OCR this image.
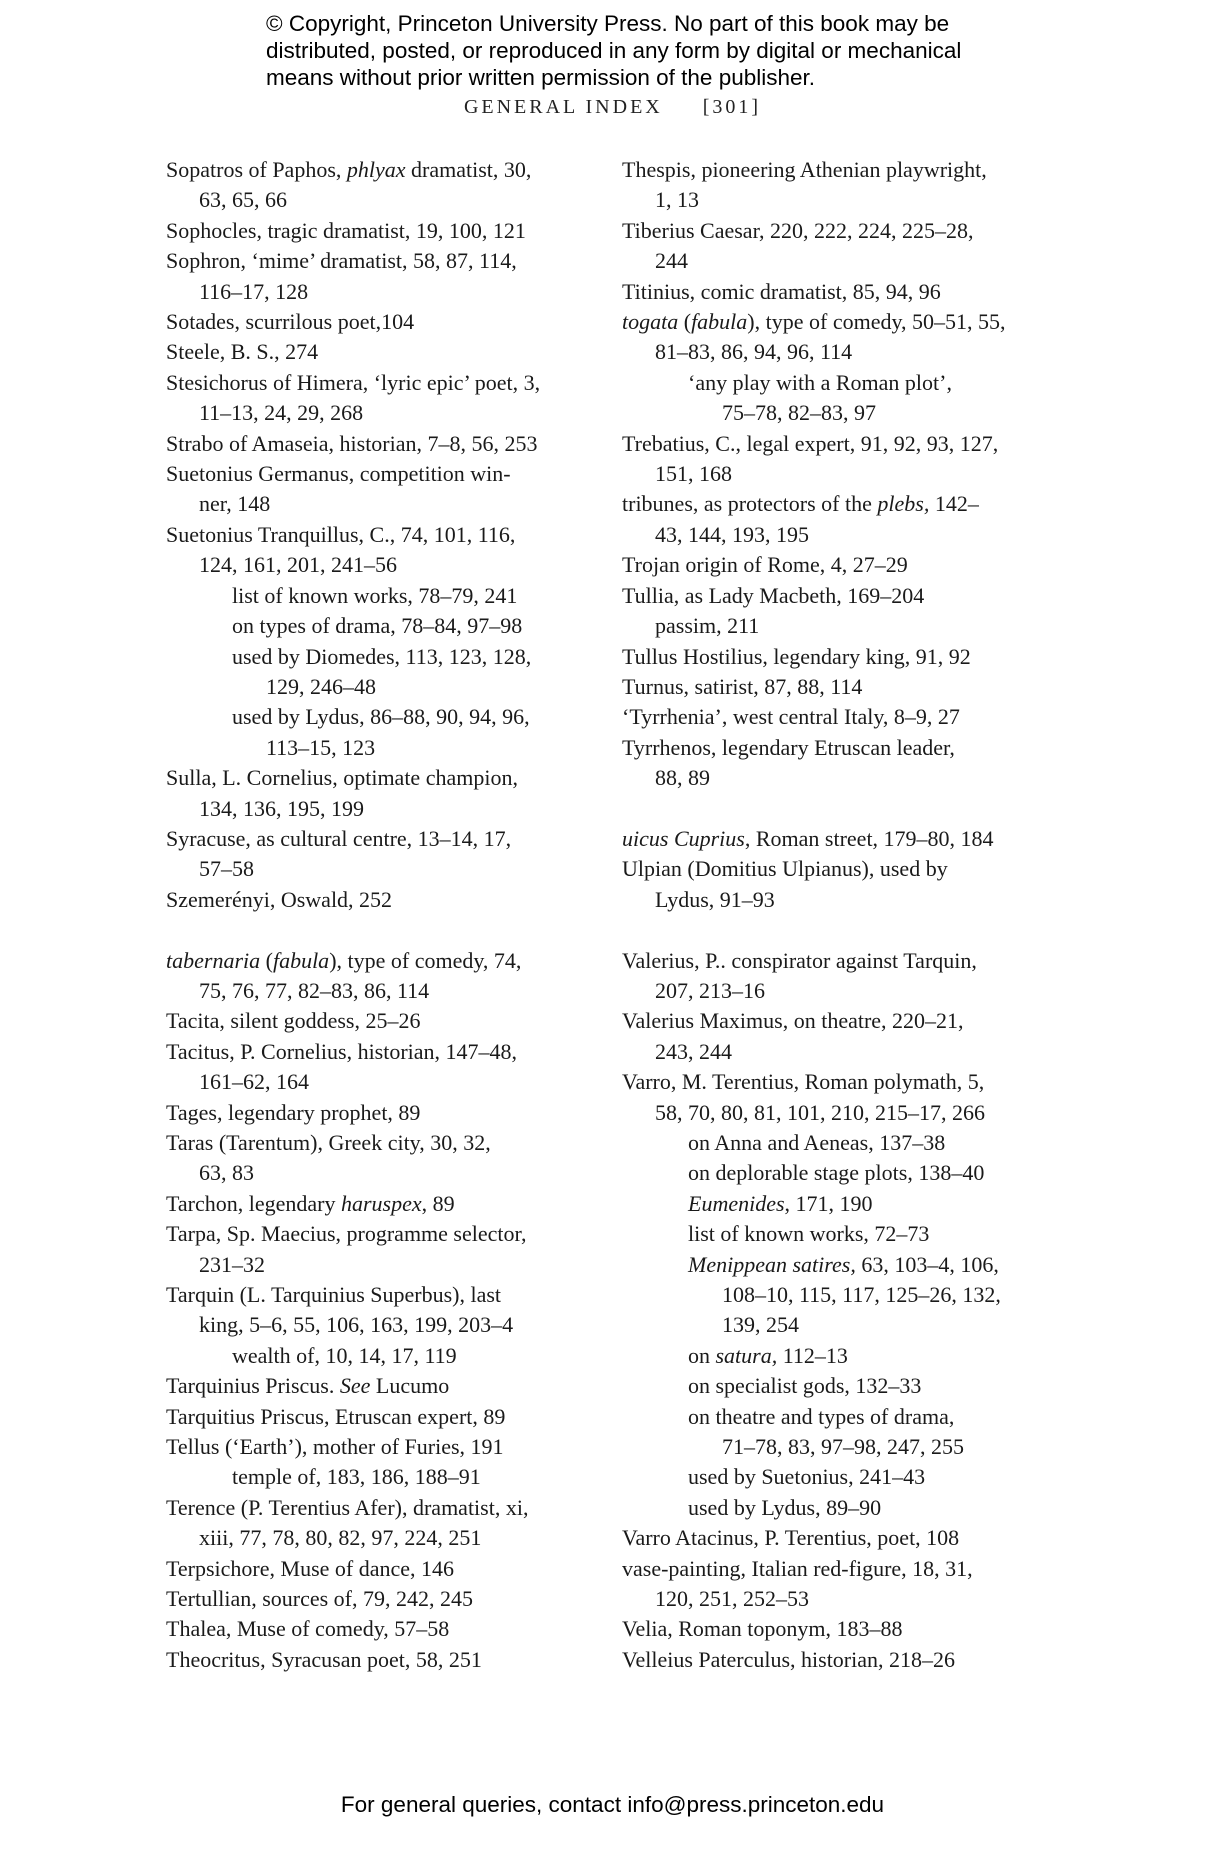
© Copyright, Princeton University Press. No part of this book may be
distributed, posted, or reproduced in any form by digital or mechanical
means without prior written permission of the publisher.
GENERAL INDEX [301]
Sopatros of Paphos, phlyax dramatist, 30,
63, 65, 66
Sophocles, tragic dramatist, 19, 100, 121
Sophron, ‘mime’ dramatist, 58, 87, 114,
116–17, 128
Sotades, scurrilous poet,104
Steele, B. S., 274
Stesichorus of Himera, ‘lyric epic’ poet, 3,
11–13, 24, 29, 268
Strabo of Amaseia, historian, 7–8, 56, 253
Suetonius Germanus, competition win-
ner, 148
Suetonius Tranquillus, C., 74, 101, 116,
124, 161, 201, 241–56
list of known works, 78–79, 241
on types of drama, 78–84, 97–98
used by Diomedes, 113, 123, 128,
129, 246–48
used by Lydus, 86–88, 90, 94, 96,
113–15, 123
Sulla, L. Cornelius, optimate champion,
134, 136, 195, 199
Syracuse, as cultural centre, 13–14, 17,
57–58
Szemerényi, Oswald, 252
tabernaria (fabula), type of comedy, 74,
75, 76, 77, 82–83, 86, 114
Tacita, silent goddess, 25–26
Tacitus, P. Cornelius, historian, 147–48,
161–62, 164
Tages, legendary prophet, 89
Taras (Tarentum), Greek city, 30, 32,
63, 83
Tarchon, legendary haruspex, 89
Tarpa, Sp. Maecius, programme selector,
231–32
Tarquin (L. Tarquinius Superbus), last
king, 5–6, 55, 106, 163, 199, 203–4
wealth of, 10, 14, 17, 119
Tarquinius Priscus. See Lucumo
Tarquitius Priscus, Etruscan expert, 89
Tellus (‘Earth’), mother of Furies, 191
temple of, 183, 186, 188–91
Terence (P. Terentius Afer), dramatist, xi,
xiii, 77, 78, 80, 82, 97, 224, 251
Terpsichore, Muse of dance, 146
Tertullian, sources of, 79, 242, 245
Thalea, Muse of comedy, 57–58
Theocritus, Syracusan poet, 58, 251
Thespis, pioneering Athenian playwright,
1, 13
Tiberius Caesar, 220, 222, 224, 225–28,
244
Titinius, comic dramatist, 85, 94, 96
togata (fabula), type of comedy, 50–51, 55,
81–83, 86, 94, 96, 114
‘any play with a Roman plot’,
75–78, 82–83, 97
Trebatius, C., legal expert, 91, 92, 93, 127,
151, 168
tribunes, as protectors of the plebs, 142–
43, 144, 193, 195
Trojan origin of Rome, 4, 27–29
Tullia, as Lady Macbeth, 169–204
passim, 211
Tullus Hostilius, legendary king, 91, 92
Turnus, satirist, 87, 88, 114
‘Tyrrhenia’, west central Italy, 8–9, 27
Tyrrhenos, legendary Etruscan leader,
88, 89
uicus Cuprius, Roman street, 179–80, 184
Ulpian (Domitius Ulpianus), used by
Lydus, 91–93
Valerius, P.. conspirator against Tarquin,
207, 213–16
Valerius Maximus, on theatre, 220–21,
243, 244
Varro, M. Terentius, Roman polymath, 5,
58, 70, 80, 81, 101, 210, 215–17, 266
on Anna and Aeneas, 137–38
on deplorable stage plots, 138–40
Eumenides, 171, 190
list of known works, 72–73
Menippean satires, 63, 103–4, 106,
108–10, 115, 117, 125–26, 132,
139, 254
on satura, 112–13
on specialist gods, 132–33
on theatre and types of drama,
71–78, 83, 97–98, 247, 255
used by Suetonius, 241–43
used by Lydus, 89–90
Varro Atacinus, P. Terentius, poet, 108
vase-painting, Italian red-figure, 18, 31,
120, 251, 252–53
Velia, Roman toponym, 183–88
Velleius Paterculus, historian, 218–26
For general queries, contact info@press.princeton.edu
